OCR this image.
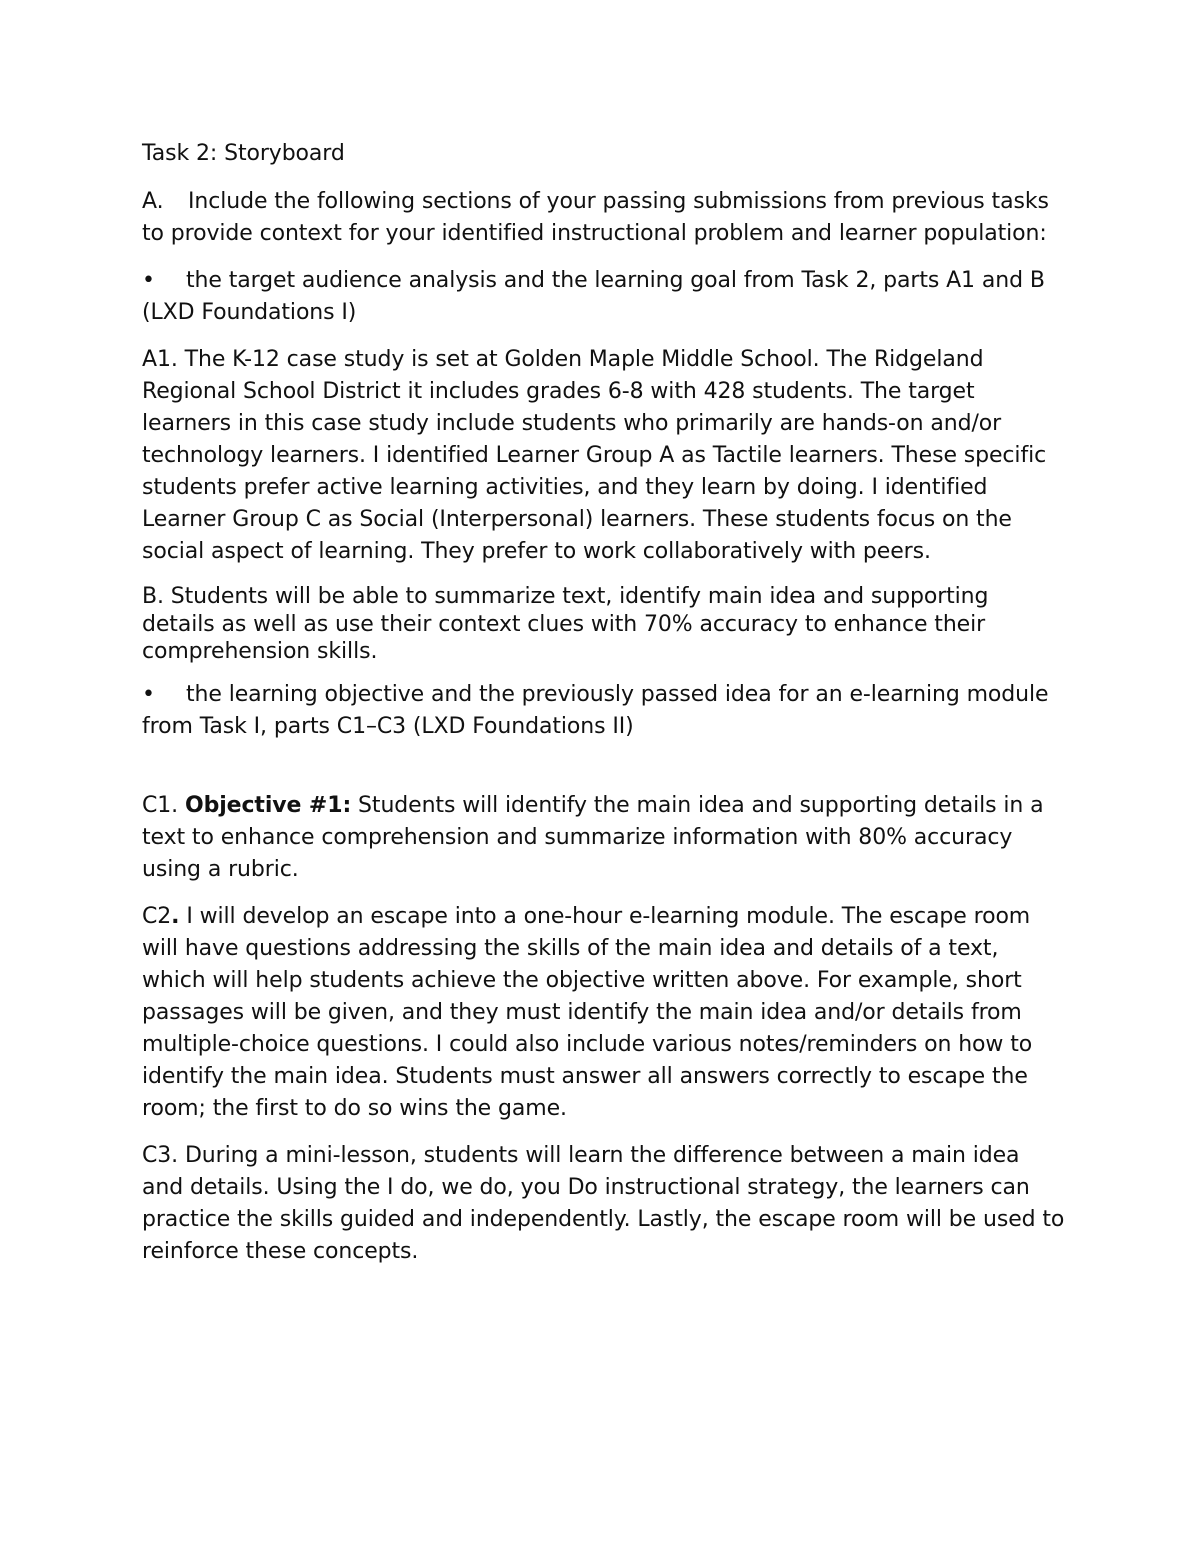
Task 2: Storyboard

A. Include the following sections of your passing submissions from previous tasks to provide context for your identified instructional problem and learner population:

• the target audience analysis and the learning goal from Task 2, parts A1 and B (LXD Foundations I)

A1. The K-12 case study is set at Golden Maple Middle School. The Ridgeland Regional School District it includes grades 6-8 with 428 students. The target learners in this case study include students who primarily are hands-on and/or technology learners. I identified Learner Group A as Tactile learners. These specific students prefer active learning activities, and they learn by doing. I identified Learner Group C as Social (Interpersonal) learners. These students focus on the social aspect of learning. They prefer to work collaboratively with peers.

B. Students will be able to summarize text, identify main idea and supporting details as well as use their context clues with 70% accuracy to enhance their comprehension skills.

• the learning objective and the previously passed idea for an e-learning module from Task I, parts C1–C3 (LXD Foundations II)

C1. Objective #1: Students will identify the main idea and supporting details in a text to enhance comprehension and summarize information with 80% accuracy using a rubric.

C2. I will develop an escape into a one-hour e-learning module. The escape room will have questions addressing the skills of the main idea and details of a text, which will help students achieve the objective written above. For example, short passages will be given, and they must identify the main idea and/or details from multiple-choice questions. I could also include various notes/reminders on how to identify the main idea. Students must answer all answers correctly to escape the room; the first to do so wins the game.

C3. During a mini-lesson, students will learn the difference between a main idea and details. Using the I do, we do, you Do instructional strategy, the learners can practice the skills guided and independently. Lastly, the escape room will be used to reinforce these concepts.
